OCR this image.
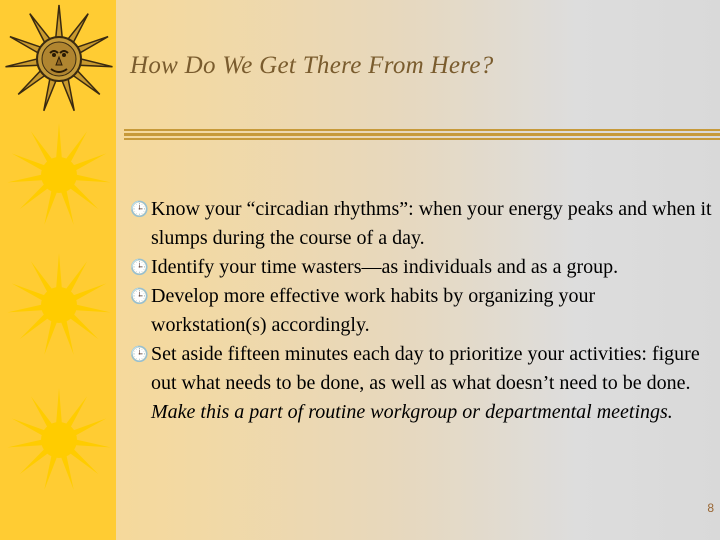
How Do We Get There From Here?
🕒 Know your “circadian rhythms”: when your energy peaks and when it slumps during the course of a day.
🕒 Identify your time wasters—as individuals and as a group.
🕒 Develop more effective work habits by organizing your workstation(s) accordingly.
🕒 Set aside fifteen minutes each day to prioritize your activities: figure out what needs to be done, as well as what doesn’t need to be done. Make this a part of routine workgroup or departmental meetings.
8
